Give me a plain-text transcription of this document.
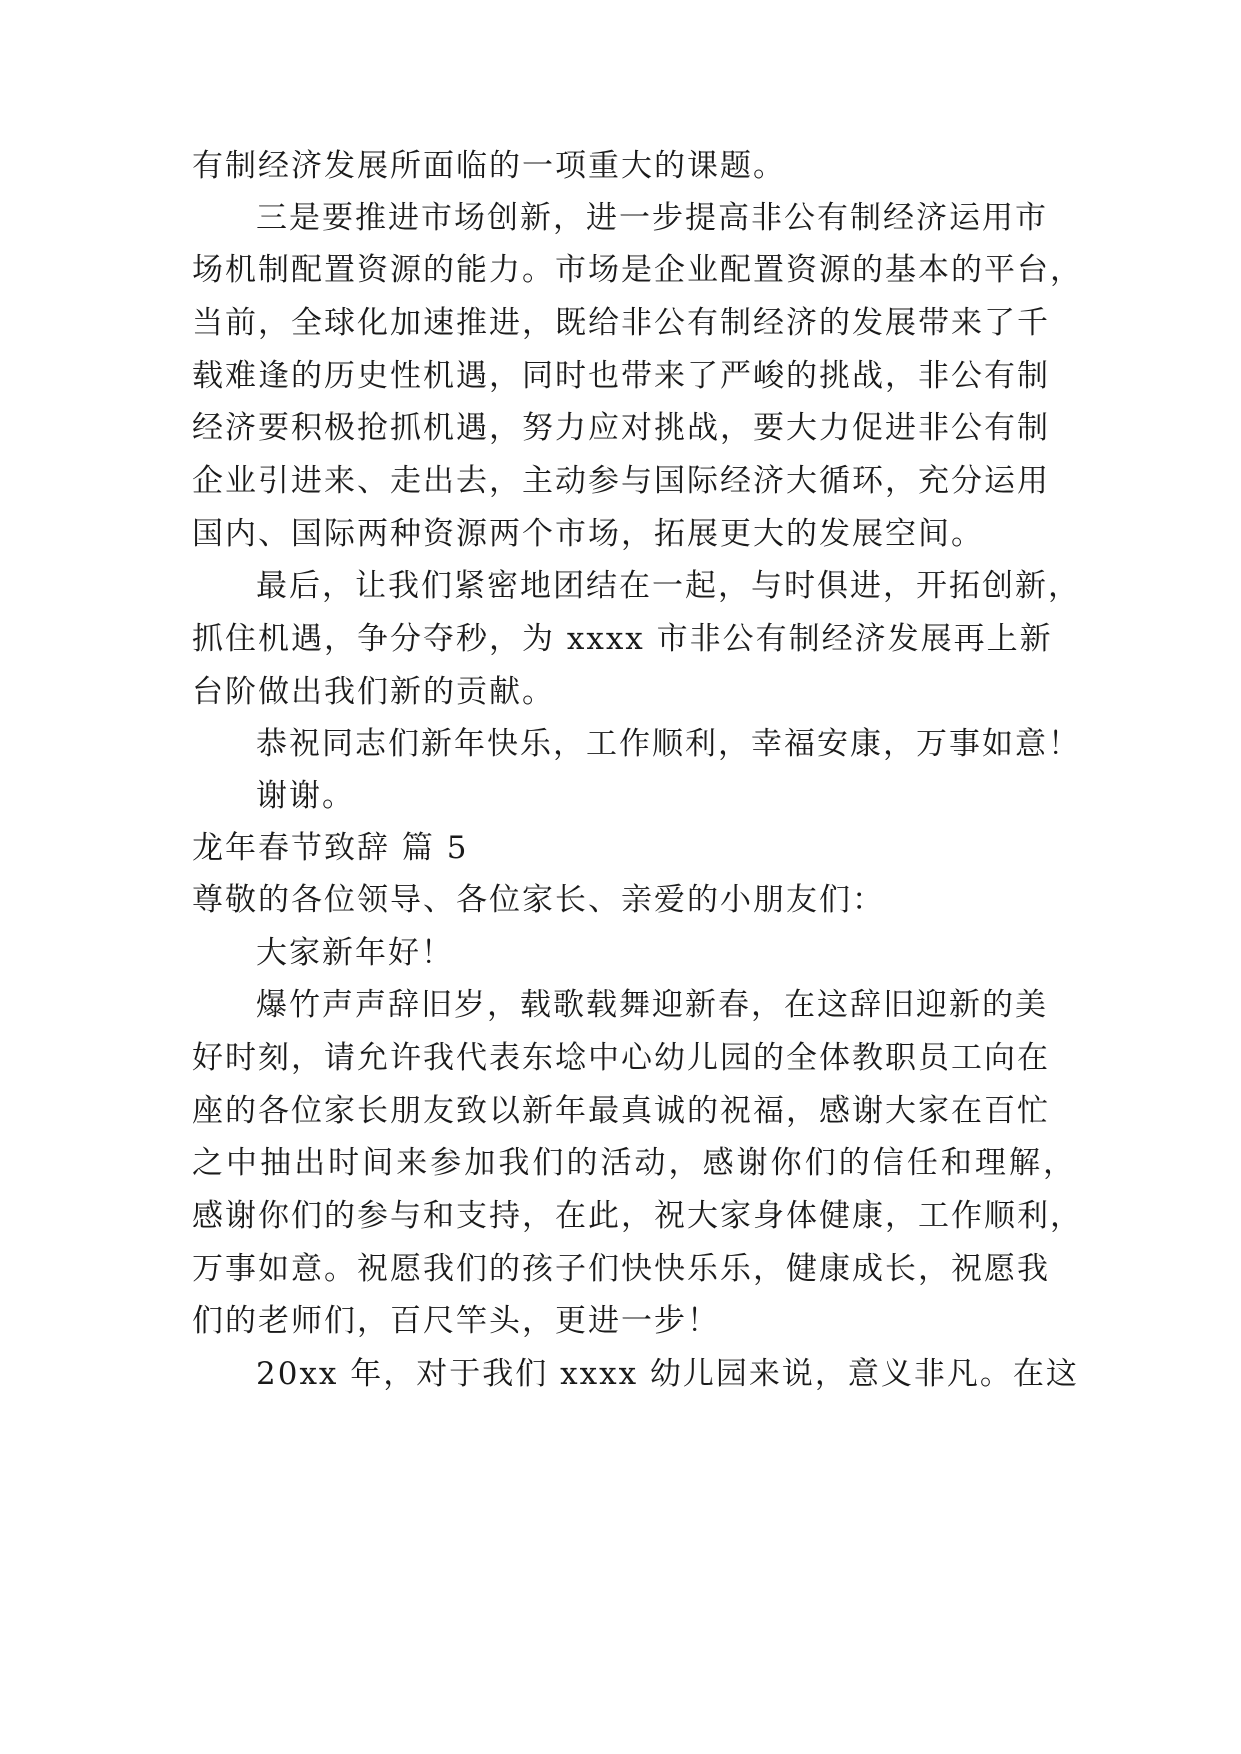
有制经济发展所面临的一项重大的课题。
三是要推进市场创新，进一步提高非公有制经济运用市
场机制配置资源的能力。市场是企业配置资源的基本的平台，
当前，全球化加速推进，既给非公有制经济的发展带来了千
载难逢的历史性机遇，同时也带来了严峻的挑战，非公有制
经济要积极抢抓机遇，努力应对挑战，要大力促进非公有制
企业引进来、走出去，主动参与国际经济大循环，充分运用
国内、国际两种资源两个市场，拓展更大的发展空间。
最后，让我们紧密地团结在一起，与时俱进，开拓创新，
抓住机遇，争分夺秒，为 xxxx 市非公有制经济发展再上新
台阶做出我们新的贡献。
恭祝同志们新年快乐，工作顺利，幸福安康，万事如意！
谢谢。
龙年春节致辞 篇 5
尊敬的各位领导、各位家长、亲爱的小朋友们：
大家新年好！
爆竹声声辞旧岁，载歌载舞迎新春，在这辞旧迎新的美
好时刻，请允许我代表东埝中心幼儿园的全体教职员工向在
座的各位家长朋友致以新年最真诚的祝福，感谢大家在百忙
之中抽出时间来参加我们的活动，感谢你们的信任和理解，
感谢你们的参与和支持，在此，祝大家身体健康，工作顺利，
万事如意。祝愿我们的孩子们快快乐乐，健康成长，祝愿我
们的老师们，百尺竿头，更进一步！
20xx 年，对于我们 xxxx 幼儿园来说，意义非凡。在这
